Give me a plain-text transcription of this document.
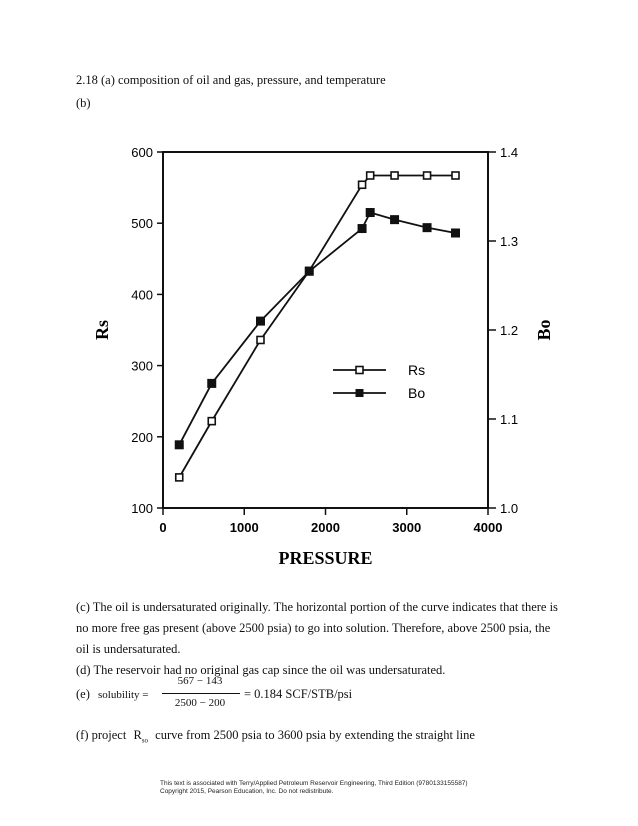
2.18 (a) composition of oil and gas, pressure, and temperature
(b)
0	1000	2000	3000	4000
100
200
300
400
500
600
1.0
1.1
1.2
1.3
1.4
PRESSURE
Rs	Bo
Rs
Bo
(c) The oil is undersaturated originally. The horizontal portion of the curve indicates that there is
no more free gas present (above 2500 psia) to go into solution. Therefore, above 2500 psia, the
oil is undersaturated.
(d) The reservoir had no original gas cap since the oil was undersaturated.
(e) solubility =
567 − 143
2500 − 200
= 0.184 SCF/STB/psi
(f) project $R_{so}$ curve from 2500 psia to 3600 psia by extending the straight line
This text is associated with Terry/Applied Petroleum Reservoir Engineering, Third Edition (9780133155587)
Copyright 2015, Pearson Education, Inc. Do not redistribute.
